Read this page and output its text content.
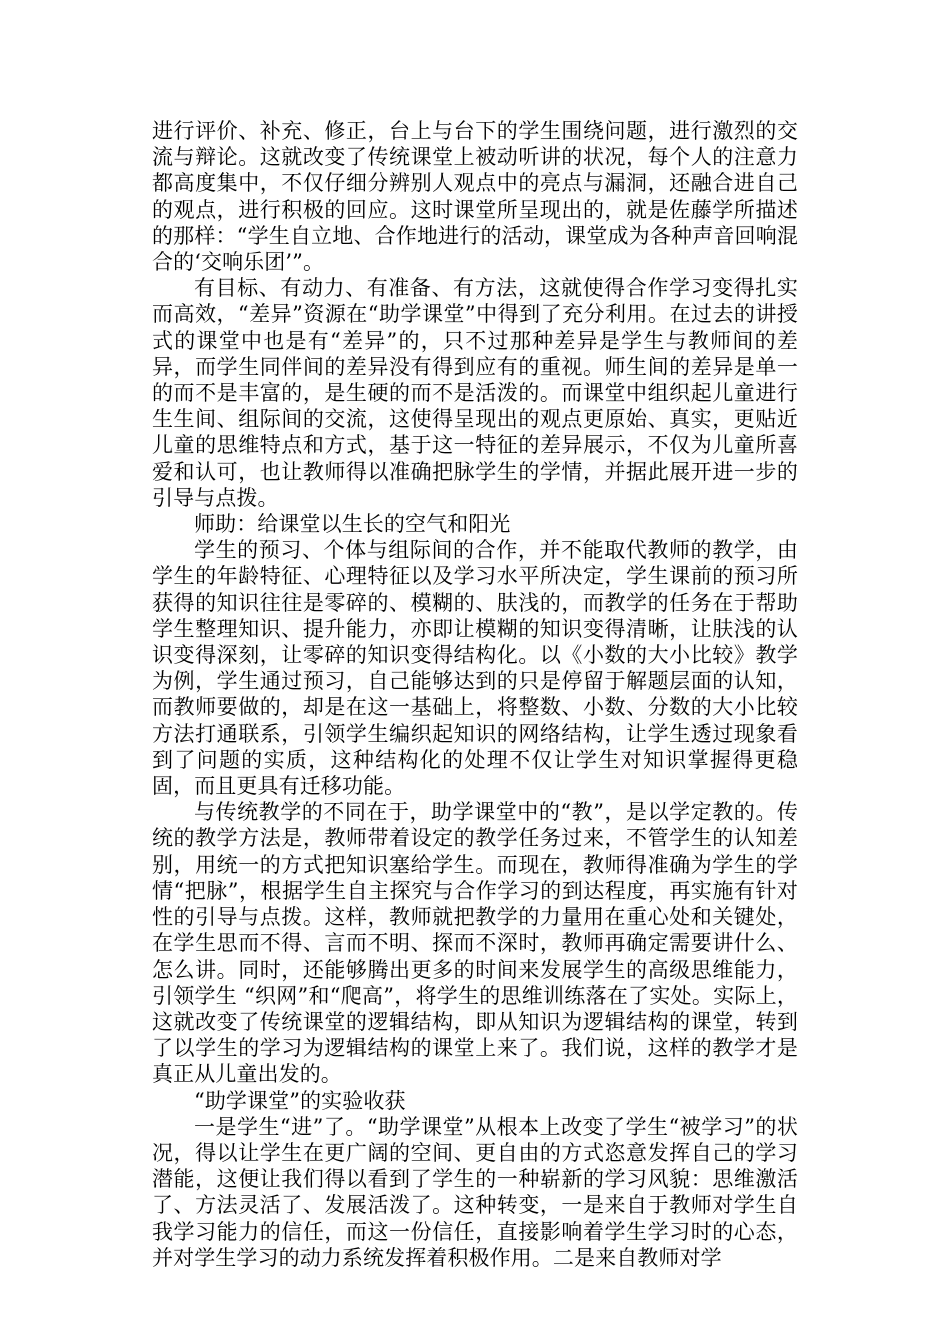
进行评价、补充、修正，台上与台下的学生围绕问题，进行激烈的交流与辩论。这就改变了传统课堂上被动听讲的状况，每个人的注意力都高度集中，不仅仔细分辨别人观点中的亮点与漏洞，还融合进自己的观点，进行积极的回应。这时课堂所呈现出的，就是佐藤学所描述的那样：“学生自立地、合作地进行的活动，课堂成为各种声音回响混合的‘交响乐团’”。

有目标、有动力、有准备、有方法，这就使得合作学习变得扎实而高效，“差异”资源在“助学课堂”中得到了充分利用。在过去的讲授式的课堂中也是有“差异”的，只不过那种差异是学生与教师间的差异，而学生同伴间的差异没有得到应有的重视。师生间的差异是单一的而不是丰富的，是生硬的而不是活泼的。而课堂中组织起儿童进行生生间、组际间的交流，这使得呈现出的观点更原始、真实，更贴近儿童的思维特点和方式，基于这一特征的差异展示，不仅为儿童所喜爱和认可，也让教师得以准确把脉学生的学情，并据此展开进一步的引导与点拨。

师助：给课堂以生长的空气和阳光

学生的预习、个体与组际间的合作，并不能取代教师的教学，由学生的年龄特征、心理特征以及学习水平所决定，学生课前的预习所获得的知识往往是零碎的、模糊的、肤浅的，而教学的任务在于帮助学生整理知识、提升能力，亦即让模糊的知识变得清晰，让肤浅的认识变得深刻，让零碎的知识变得结构化。以《小数的大小比较》教学为例，学生通过预习，自己能够达到的只是停留于解题层面的认知，而教师要做的，却是在这一基础上，将整数、小数、分数的大小比较方法打通联系，引领学生编织起知识的网络结构，让学生透过现象看到了问题的实质，这种结构化的处理不仅让学生对知识掌握得更稳固，而且更具有迁移功能。

与传统教学的不同在于，助学课堂中的“教”，是以学定教的。传统的教学方法是，教师带着设定的教学任务过来，不管学生的认知差别，用统一的方式把知识塞给学生。而现在，教师得准确为学生的学情“把脉”，根据学生自主探究与合作学习的到达程度，再实施有针对性的引导与点拨。这样，教师就把教学的力量用在重心处和关键处，在学生思而不得、言而不明、探而不深时，教师再确定需要讲什么、怎么讲。同时，还能够腾出更多的时间来发展学生的高级思维能力，引领学生 “织网”和“爬高”，将学生的思维训练落在了实处。实际上，这就改变了传统课堂的逻辑结构，即从知识为逻辑结构的课堂，转到了以学生的学习为逻辑结构的课堂上来了。我们说，这样的教学才是真正从儿童出发的。

“助学课堂”的实验收获

一是学生“进”了。“助学课堂”从根本上改变了学生“被学习”的状况，得以让学生在更广阔的空间、更自由的方式恣意发挥自己的学习潜能，这便让我们得以看到了学生的一种崭新的学习风貌：思维激活了、方法灵活了、发展活泼了。这种转变，一是来自于教师对学生自我学习能力的信任，而这一份信任，直接影响着学生学习时的心态，并对学生学习的动力系统发挥着积极作用。二是来自教师对学
